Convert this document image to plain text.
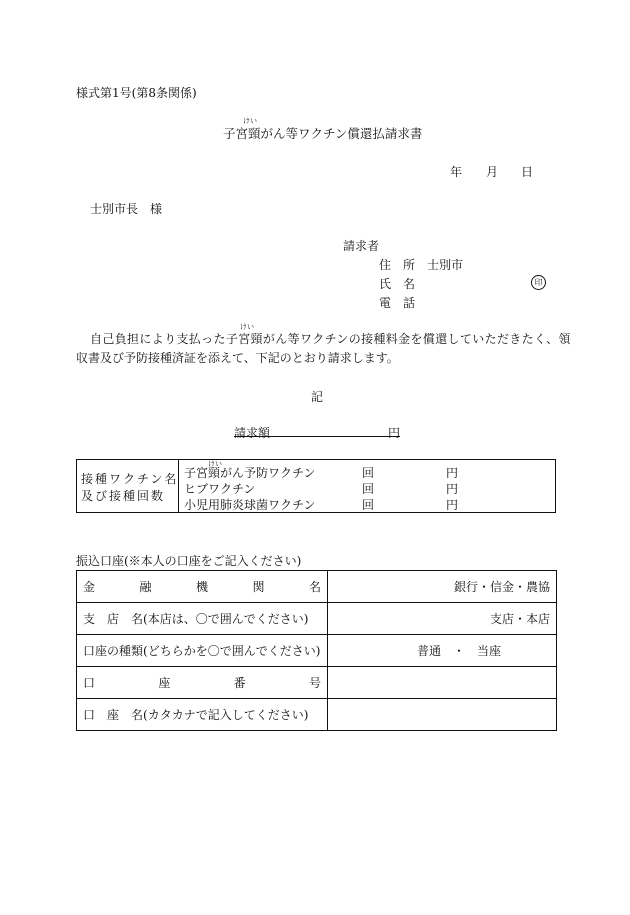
様式第1号(第8条関係)
けい
子宮頸がん等ワクチン償還払請求書
年 月 日
士別市長　様
請求者
住　所 士別市
氏　名	印
電　話
けい
自己負担により支払った子宮頸がん等ワクチンの接種料金を償還していただきたく、領
収書及び予防接種済証を添えて、下記のとおり請求します。
記
請求額	円
接種ワクチン名
及び接種回数
けい
子宮頸がん予防ワクチン	回	円
ヒブワクチン	回	円
小児用肺炎球菌ワクチン	回	円
振込口座(※本人の口座をご記入ください)
金 融 機 関 名	銀行・信金・農協
支　店　名(本店は、〇で囲んでください)	支店・本店
口座の種類(どちらかを〇で囲んでください)	普通　・　当座

口 座 番 号	

口　座　名(カタカナで記入してください)	
